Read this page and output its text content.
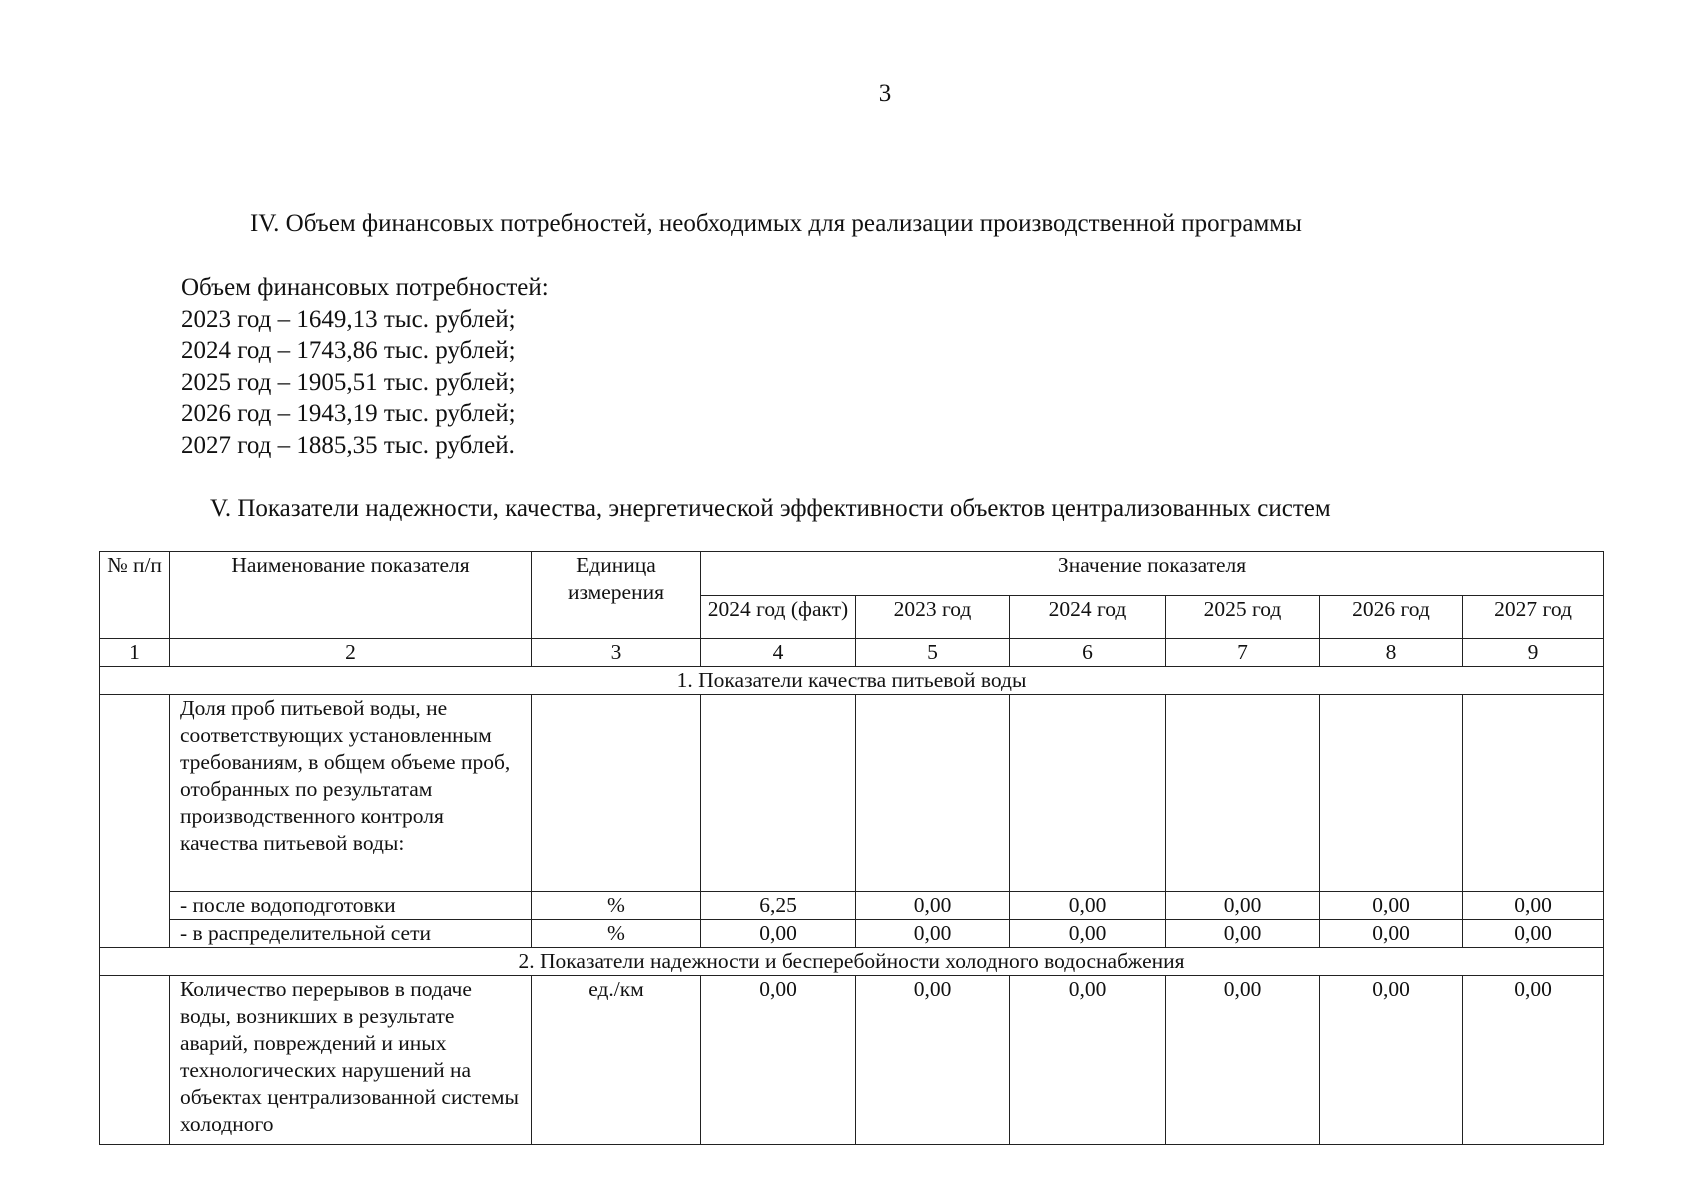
3
IV. Объем финансовых потребностей, необходимых для реализации производственной программы
Объем финансовых потребностей:
2023 год – 1649,13 тыс. рублей;
2024 год – 1743,86 тыс. рублей;
2025 год – 1905,51 тыс. рублей;
2026 год – 1943,19 тыс. рублей;
2027 год – 1885,35 тыс. рублей.
V. Показатели надежности, качества, энергетической эффективности объектов централизованных систем
№ п/п	Наименование показателя	Единица измерения	Значение показателя					
			2024 год (факт)	2023 год	2024 год	2025 год	2026 год	2027 год
1	2	3	4	5	6	7	8	9
1. Показатели качества питьевой воды								
	Доля проб питьевой воды, не соответствующих установленным требованиям, в общем объеме проб, отобранных по результатам производственного контроля качества питьевой воды:							
	- после водоподготовки	%	6,25	0,00	0,00	0,00	0,00	0,00
	- в распределительной сети	%	0,00	0,00	0,00	0,00	0,00	0,00
2. Показатели надежности и бесперебойности холодного водоснабжения								
	Количество перерывов в подаче воды, возникших в результате аварий, повреждений и иных технологических нарушений на объектах централизованной системы холодного	ед./км	0,00	0,00	0,00	0,00	0,00	0,00
